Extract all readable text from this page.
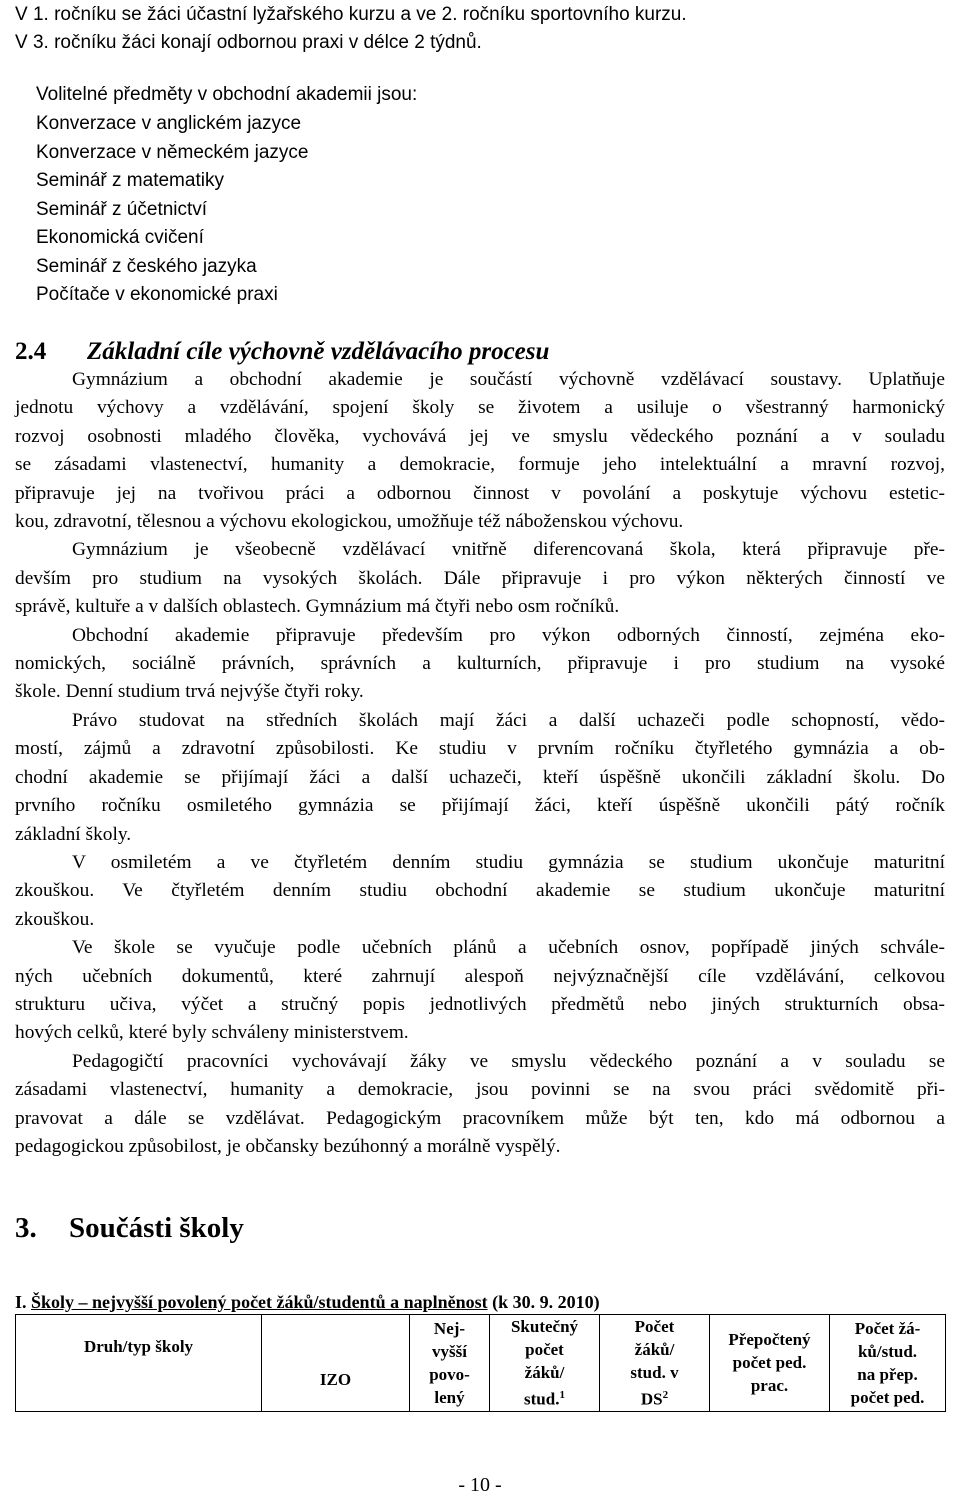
V 1. ročníku se žáci účastní lyžařského kurzu a ve 2. ročníku sportovního kurzu.
V 3. ročníku žáci konají odbornou praxi v délce 2 týdnů.
Volitelné předměty v obchodní akademii jsou:
Konverzace v anglickém jazyce
Konverzace v německém jazyce
Seminář z matematiky
Seminář z účetnictví
Ekonomická cvičení
Seminář z českého jazyka
Počítače v ekonomické praxi
2.4 Základní cíle výchovně vzdělávacího procesu
Gymnázium a obchodní akademie je součástí výchovně vzdělávací soustavy. Uplatňuje
jednotu výchovy a vzdělávání, spojení školy se životem a usiluje o všestranný harmonický
rozvoj osobnosti mladého člověka, vychovává jej ve smyslu vědeckého poznání a v souladu
se zásadami vlastenectví, humanity a demokracie, formuje jeho intelektuální a mravní rozvoj,
připravuje jej na tvořivou práci a odbornou činnost v povolání a poskytuje výchovu estetic-
kou, zdravotní, tělesnou a výchovu ekologickou, umožňuje též náboženskou výchovu.
Gymnázium je všeobecně vzdělávací vnitřně diferencovaná škola, která připravuje pře-
devším pro studium na vysokých školách. Dále připravuje i pro výkon některých činností ve
správě, kultuře a v dalších oblastech. Gymnázium má čtyři nebo osm ročníků.
Obchodní akademie připravuje především pro výkon odborných činností, zejména eko-
nomických, sociálně právních, správních a kulturních, připravuje i pro studium na vysoké
škole. Denní studium trvá nejvýše čtyři roky.
Právo studovat na středních školách mají žáci a další uchazeči podle schopností, vědo-
mostí, zájmů a zdravotní způsobilosti. Ke studiu v prvním ročníku čtyřletého gymnázia a ob-
chodní akademie se přijímají žáci a další uchazeči, kteří úspěšně ukončili základní školu. Do
prvního ročníku osmiletého gymnázia se přijímají žáci, kteří úspěšně ukončili pátý ročník
základní školy.
V osmiletém a ve čtyřletém denním studiu gymnázia se studium ukončuje maturitní
zkouškou. Ve čtyřletém denním studiu obchodní akademie se studium ukončuje maturitní
zkouškou.
Ve škole se vyučuje podle učebních plánů a učebních osnov, popřípadě jiných schvále-
ných učebních dokumentů, které zahrnují alespoň nejvýznačnější cíle vzdělávání, celkovou
strukturu učiva, výčet a stručný popis jednotlivých předmětů nebo jiných strukturních obsa-
hových celků, které byly schváleny ministerstvem.
Pedagogičtí pracovníci vychovávají žáky ve smyslu vědeckého poznání a v souladu se
zásadami vlastenectví, humanity a demokracie, jsou povinni se na svou práci svědomitě při-
pravovat a dále se vzdělávat. Pedagogickým pracovníkem může být ten, kdo má odbornou a
pedagogickou způsobilost, je občansky bezúhonný a morálně vyspělý.
3. Součásti školy
I. Školy – nejvyšší povolený počet žáků/studentů a naplněnost (k 30. 9. 2010)
Druh/typ školy	IZO	Nej-
vyšší
povo-
lený	Skutečný
počet
žáků/
stud.$^1$	Počet
žáků/
stud. v
$DS^2$	Přepočtený
počet ped.
prac.	Počet žá-
ků/stud.
na přep.
počet ped.
- 10 -
